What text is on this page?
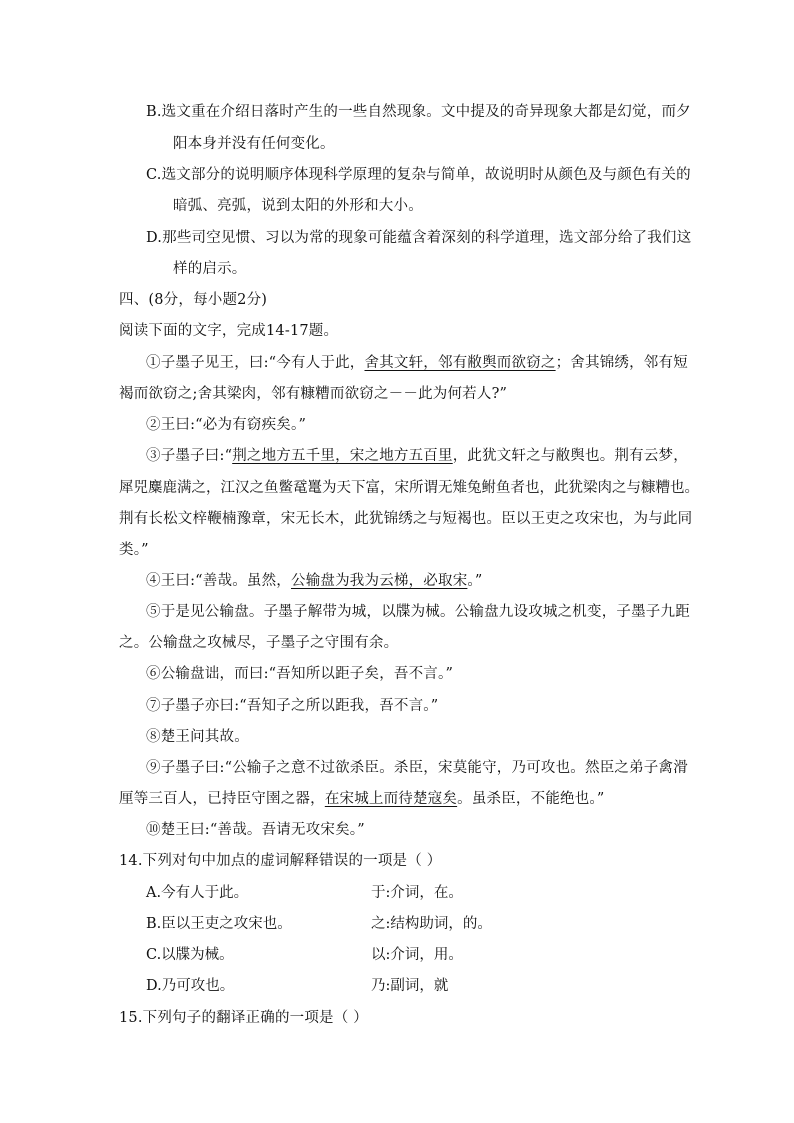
B.选文重在介绍日落时产生的一些自然现象。文中提及的奇异现象大都是幻觉，而夕
阳本身并没有任何变化。
C.选文部分的说明顺序体现科学原理的复杂与简单，故说明时从颜色及与颜色有关的
暗弧、亮弧，说到太阳的外形和大小。
D.那些司空见惯、习以为常的现象可能蕴含着深刻的科学道理，选文部分给了我们这
样的启示。
四、(8分，每小题2分)
阅读下面的文字，完成14-17题。
①子墨子见王，曰:“今有人于此，舍其文轩，邻有敝舆而欲窃之；舍其锦绣，邻有短
褐而欲窃之;舍其梁肉，邻有糠糟而欲窃之－－此为何若人?”
②王曰:“必为有窃疾矣。”
③子墨子曰:“荆之地方五千里，宋之地方五百里，此犹文轩之与敝舆也。荆有云梦，
犀兕麋鹿满之，江汉之鱼鳖鼋鼍为天下富，宋所谓无雉兔鲋鱼者也，此犹梁肉之与糠糟也。
荆有长松文梓鞭楠豫章，宋无长木，此犹锦绣之与短褐也。臣以王吏之攻宋也，为与此同
类。”
④王曰:“善哉。虽然，公输盘为我为云梯，必取宋。”
⑤于是见公输盘。子墨子解带为城，以牒为械。公输盘九设攻城之机变，子墨子九距
之。公输盘之攻械尽，子墨子之守围有余。
⑥公输盘诎，而曰:“吾知所以距子矣，吾不言。”
⑦子墨子亦曰:“吾知子之所以距我，吾不言。”
⑧楚王问其故。
⑨子墨子曰:“公输子之意不过欲杀臣。杀臣，宋莫能守，乃可攻也。然臣之弟子禽滑
厘等三百人，已持臣守圉之器，在宋城上而待楚寇矣。虽杀臣，不能绝也。”
⑩楚王曰:“善哉。吾请无攻宋矣。”
14.下列对句中加点的虚词解释错误的一项是（ ）
A.今有人于此。	于:介词，在。
B.臣以王吏之攻宋也。	之:结构助词，的。
C.以牒为械。	以:介词，用。
D.乃可攻也。	乃:副词，就
15.下列句子的翻译正确的一项是（ ）
